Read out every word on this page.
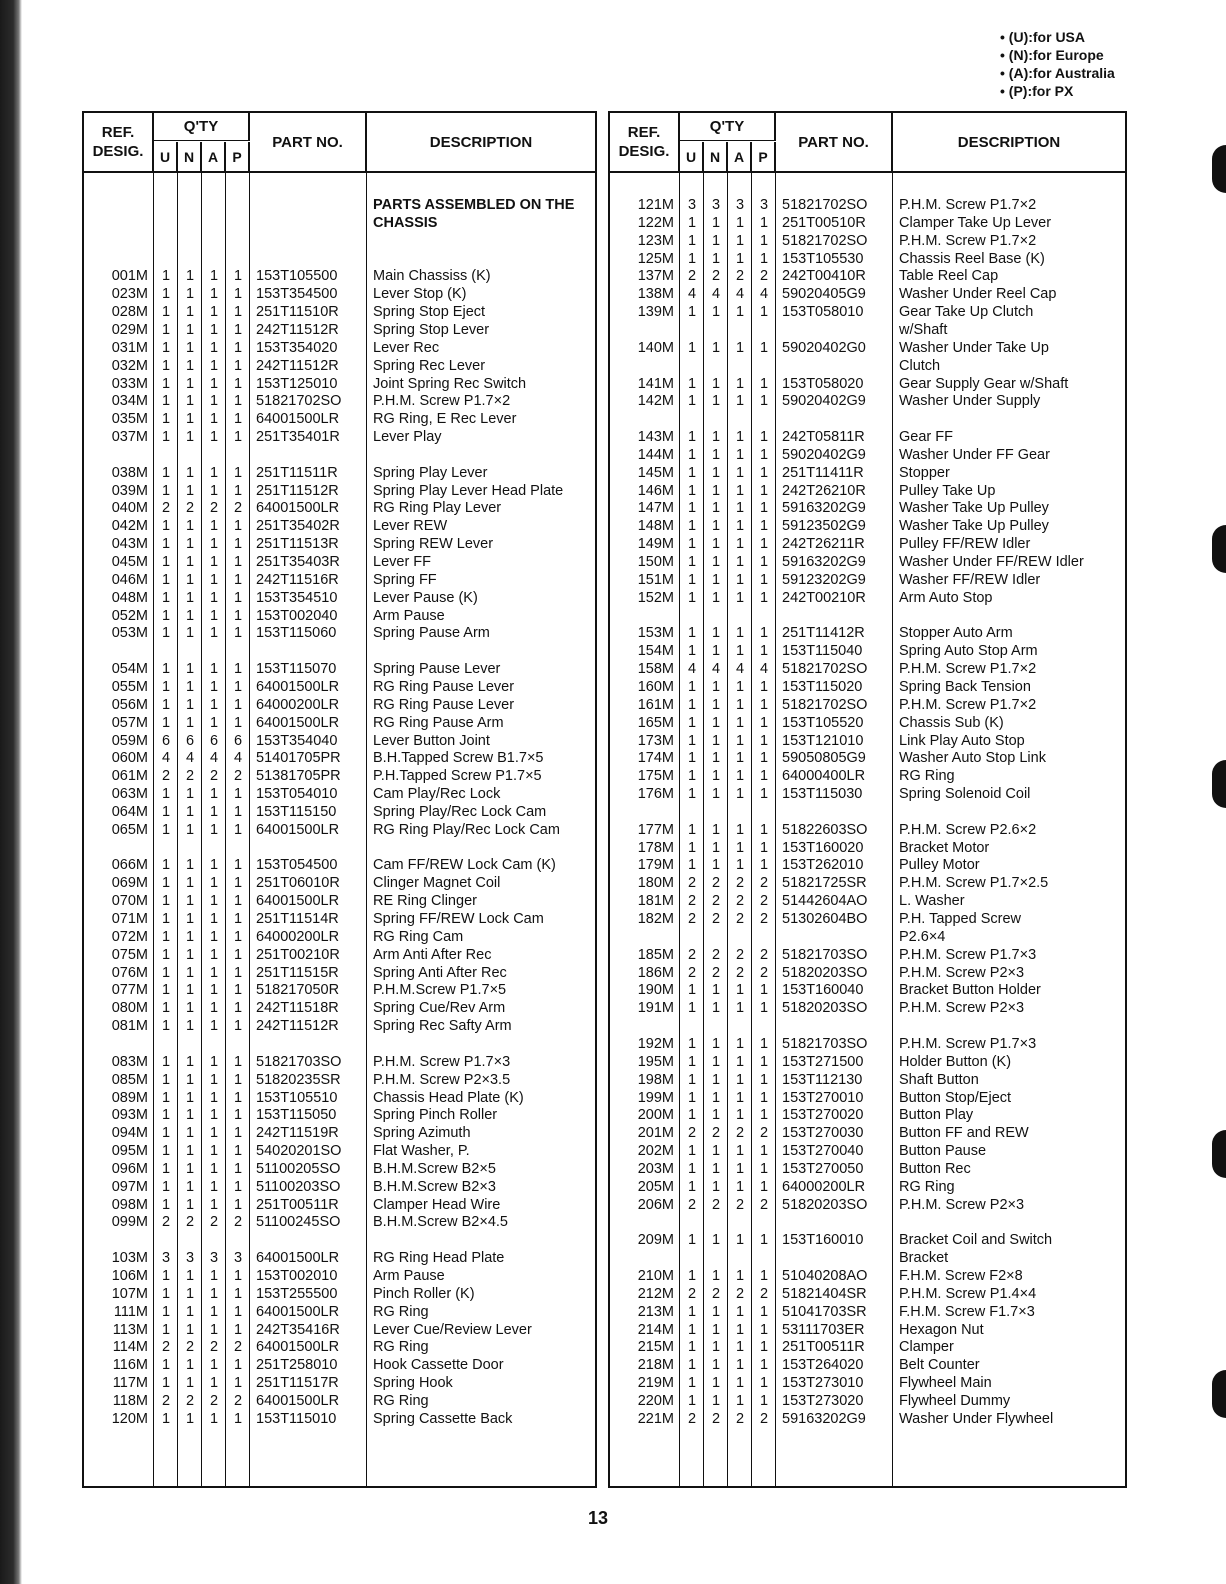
• (U):for USA
• (N):for Europe
• (A):for Australia
• (P):for PX
REF. DESIG.
Q'TY
U N A	P
PART NO.	DESCRIPTION
PARTS ASSEMBLED ON THE
CHASSIS
001M 1	1	1	1 153T105500	Main Chassiss (K)
023M 1	1	1	1 153T354500	Lever Stop (K)
028M 1	1	1	1 251T11510R	Spring Stop Eject
029M 1	1	1	1 242T11512R	Spring Stop Lever
031M 1	1	1	1 153T354020	Lever Rec
032M 1	1	1	1 242T11512R	Spring Rec Lever
033M 1	1	1	1 153T125010	Joint Spring Rec Switch
034M 1	1	1	1 51821702SO	P.H.M. Screw P1.7×2
035M 1	1	1	1 64001500LR	RG Ring, E Rec Lever
037M 1	1	1	1 251T35401R	Lever Play
038M 1	1	1	1 251T11511R	Spring Play Lever
039M 1	1	1	1 251T11512R	Spring Play Lever Head Plate
040M 2	2	2	2 64001500LR	RG Ring Play Lever
042M 1	1	1	1 251T35402R	Lever REW
043M 1	1	1	1 251T11513R	Spring REW Lever
045M 1	1	1	1 251T35403R	Lever FF
046M 1	1	1	1 242T11516R	Spring FF
048M 1	1	1	1 153T354510	Lever Pause (K)
052M 1	1	1	1 153T002040	Arm Pause
053M 1	1	1	1 153T115060	Spring Pause Arm
054M 1	1	1	1 153T115070	Spring Pause Lever
055M 1	1	1	1 64001500LR	RG Ring Pause Lever
056M 1	1	1	1 64000200LR	RG Ring Pause Lever
057M 1	1	1	1 64001500LR	RG Ring Pause Arm
059M 6	6	6	6 153T354040	Lever Button Joint
060M 4	4	4	4 51401705PR	B.H.Tapped Screw B1.7×5
061M 2	2	2	2 51381705PR	P.H.Tapped Screw P1.7×5
063M 1	1	1	1 153T054010	Cam Play/Rec Lock
064M 1	1	1	1 153T115150	Spring Play/Rec Lock Cam
065M 1	1	1	1 64001500LR	RG Ring Play/Rec Lock Cam
066M 1	1	1	1 153T054500	Cam FF/REW Lock Cam (K)
069M 1	1	1	1 251T06010R	Clinger Magnet Coil
070M 1	1	1	1 64001500LR	RE Ring Clinger
071M 1	1	1	1 251T11514R	Spring FF/REW Lock Cam
072M 1	1	1	1 64000200LR	RG Ring Cam
075M 1	1	1	1 251T00210R	Arm Anti After Rec
076M 1	1	1	1 251T11515R	Spring Anti After Rec
077M 1	1	1	1 518217050R	P.H.M.Screw P1.7×5
080M 1	1	1	1 242T11518R	Spring Cue/Rev Arm
081M 1	1	1	1 242T11512R	Spring Rec Safty Arm
083M 1	1	1	1 51821703SO	P.H.M. Screw P1.7×3
085M 1	1	1	1 51820235SR	P.H.M. Screw P2×3.5
089M 1	1	1	1 153T105510	Chassis Head Plate (K)
093M 1	1	1	1 153T115050	Spring Pinch Roller
094M 1	1	1	1 242T11519R	Spring Azimuth
095M 1	1	1	1 54020201SO	Flat Washer, P.
096M 1	1	1	1 51100205SO	B.H.M.Screw B2×5
097M 1	1	1	1 51100203SO	B.H.M.Screw B2×3
098M 1	1	1	1 251T00511R	Clamper Head Wire
099M 2	2	2	2 51100245SO	B.H.M.Screw B2×4.5
103M 3	3	3	3 64001500LR	RG Ring Head Plate
106M 1	1	1	1 153T002010	Arm Pause
107M 1	1	1	1 153T255500	Pinch Roller (K)
111M 1	1	1	1 64001500LR	RG Ring
113M 1	1	1	1 242T35416R	Lever Cue/Review Lever
114M 2	2	2	2 64001500LR	RG Ring
116M 1	1	1	1 251T258010	Hook Cassette Door
117M 1	1	1	1 251T11517R	Spring Hook
118M 2	2	2	2 64001500LR	RG Ring
120M 1	1	1	1 153T115010	Spring Cassette Back
REF. DESIG.
Q'TY
U N A	P
PART NO.	DESCRIPTION
121M 3	3	3	3 51821702SO	P.H.M. Screw P1.7×2
122M 1	1	1	1 251T00510R	Clamper Take Up Lever
123M 1	1	1	1 51821702SO	P.H.M. Screw P1.7×2
125M 1	1	1	1 153T105530	Chassis Reel Base (K)
137M 2	2	2	2 242T00410R	Table Reel Cap
138M 4	4	4	4 59020405G9	Washer Under Reel Cap
139M 1	1	1	1 153T058010	Gear Take Up Clutch
w/Shaft
140M 1	1	1	1 59020402G0	Washer Under Take Up
Clutch
141M 1	1	1	1 153T058020	Gear Supply Gear w/Shaft
142M 1	1	1	1 59020402G9	Washer Under Supply
143M 1	1	1	1 242T05811R	Gear FF
144M 1	1	1	1 59020402G9	Washer Under FF Gear
145M 1	1	1	1 251T11411R	Stopper
146M 1	1	1	1 242T26210R	Pulley Take Up
147M 1	1	1	1 59163202G9	Washer Take Up Pulley
148M 1	1	1	1 59123502G9	Washer Take Up Pulley
149M 1	1	1	1 242T26211R	Pulley FF/REW Idler
150M 1	1	1	1 59163202G9	Washer Under FF/REW Idler
151M 1	1	1	1 59123202G9	Washer FF/REW Idler
152M 1	1	1	1 242T00210R	Arm Auto Stop
153M 1	1	1	1 251T11412R	Stopper Auto Arm
154M 1	1	1	1 153T115040	Spring Auto Stop Arm
158M 4	4	4	4 51821702SO	P.H.M. Screw P1.7×2
160M 1	1	1	1 153T115020	Spring Back Tension
161M 1	1	1	1 51821702SO	P.H.M. Screw P1.7×2
165M 1	1	1	1 153T105520	Chassis Sub (K)
173M 1	1	1	1 153T121010	Link Play Auto Stop
174M 1	1	1	1 59050805G9	Washer Auto Stop Link
175M 1	1	1	1 64000400LR	RG Ring
176M 1	1	1	1 153T115030	Spring Solenoid Coil
177M 1	1	1	1 51822603SO	P.H.M. Screw P2.6×2
178M 1	1	1	1 153T160020	Bracket Motor
179M 1	1	1	1 153T262010	Pulley Motor
180M 2	2	2	2 51821725SR	P.H.M. Screw P1.7×2.5
181M 2	2	2	2 51442604AO	L. Washer
182M 2	2	2	2 51302604BO	P.H. Tapped Screw
P2.6×4
185M 2	2	2	2 51821703SO	P.H.M. Screw P1.7×3
186M 2	2	2	2 51820203SO	P.H.M. Screw P2×3
190M 1	1	1	1 153T160040	Bracket Button Holder
191M 1	1	1	1 51820203SO	P.H.M. Screw P2×3
192M 1	1	1	1 51821703SO	P.H.M. Screw P1.7×3
195M 1	1	1	1 153T271500	Holder Button (K)
198M 1	1	1	1 153T112130	Shaft Button
199M 1	1	1	1 153T270010	Button Stop/Eject
200M 1	1	1	1 153T270020	Button Play
201M 2	2	2	2 153T270030	Button FF and REW
202M 1	1	1	1 153T270040	Button Pause
203M 1	1	1	1 153T270050	Button Rec
205M 1	1	1	1 64000200LR	RG Ring
206M 2	2	2	2 51820203SO	P.H.M. Screw P2×3
209M 1	1	1	1 153T160010	Bracket Coil and Switch
Bracket
210M 1	1	1	1 51040208AO	F.H.M. Screw F2×8
212M 2	2	2	2 51821404SR	P.H.M. Screw P1.4×4
213M 1	1	1	1 51041703SR	F.H.M. Screw F1.7×3
214M 1	1	1	1 53111703ER	Hexagon Nut
215M 1	1	1	1 251T00511R	Clamper
218M 1	1	1	1 153T264020	Belt Counter
219M 1	1	1	1 153T273010	Flywheel Main
220M 1	1	1	1 153T273020	Flywheel Dummy
221M 2	2	2	2 59163202G9	Washer Under Flywheel
13
